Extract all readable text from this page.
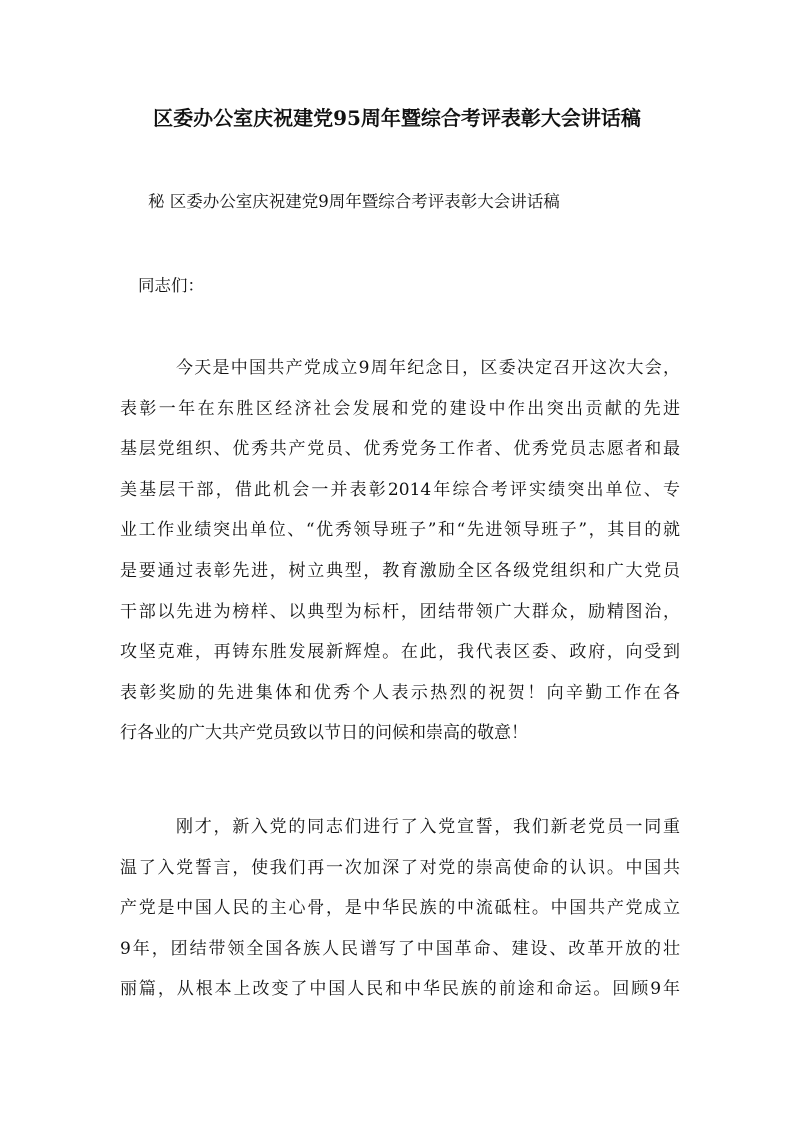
区委办公室庆祝建党95周年暨综合考评表彰大会讲话稿
秘 区委办公室庆祝建党9周年暨综合考评表彰大会讲话稿
同志们：
今天是中国共产党成立9周年纪念日，区委决定召开这次大会，
表彰一年在东胜区经济社会发展和党的建设中作出突出贡献的先进
基层党组织、优秀共产党员、优秀党务工作者、优秀党员志愿者和最
美基层干部，借此机会一并表彰2014年综合考评实绩突出单位、专
业工作业绩突出单位、“优秀领导班子”和“先进领导班子”，其目的就
是要通过表彰先进，树立典型，教育激励全区各级党组织和广大党员
干部以先进为榜样、以典型为标杆，团结带领广大群众，励精图治，
攻坚克难，再铸东胜发展新辉煌。在此，我代表区委、政府，向受到
表彰奖励的先进集体和优秀个人表示热烈的祝贺！向辛勤工作在各
行各业的广大共产党员致以节日的问候和崇高的敬意！
刚才，新入党的同志们进行了入党宣誓，我们新老党员一同重
温了入党誓言，使我们再一次加深了对党的崇高使命的认识。中国共
产党是中国人民的主心骨，是中华民族的中流砥柱。中国共产党成立
9年，团结带领全国各族人民谱写了中国革命、建设、改革开放的壮
丽篇，从根本上改变了中国人民和中华民族的前途和命运。回顾9年
